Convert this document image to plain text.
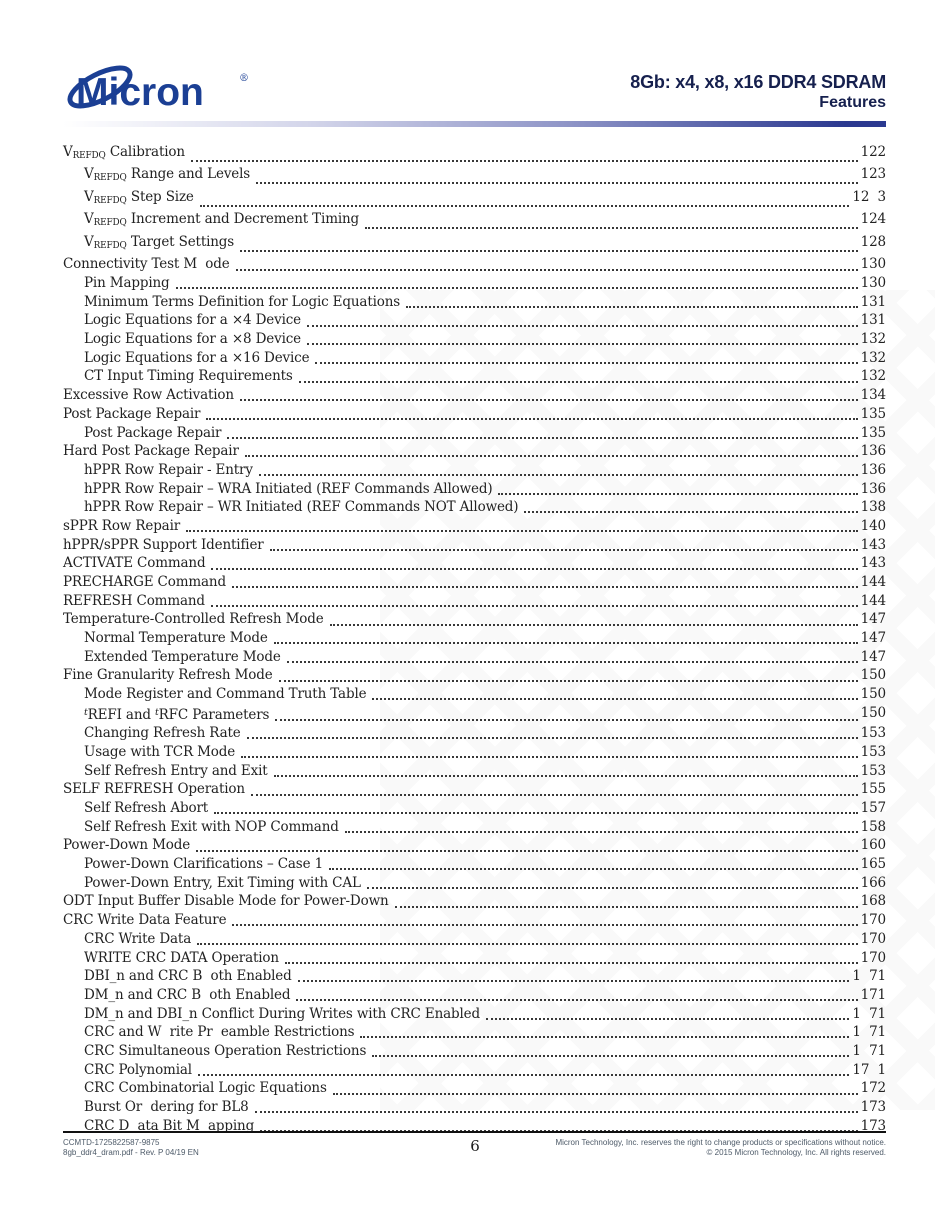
Micron	®	8Gb: x4, x8, x16 DDR4 SDRAM
Features
$V_{REFDQ}$ Calibration	122
$V_{REFDQ}$ Range and Levels	123
$V_{REFDQ}$ Step Size	12  3
$V_{REFDQ}$ Increment and Decrement Timing	124
$V_{REFDQ}$ Target Settings	128
Connectivity Test M  ode	130
Pin Mapping	130
Minimum Terms Definition for Logic Equations	131
Logic Equations for a ×4 Device	131
Logic Equations for a ×8 Device	132
Logic Equations for a ×16 Device	132
CT Input Timing Requirements	132
Excessive Row Activation	134
Post Package Repair	135
Post Package Repair	135
Hard Post Package Repair	136
hPPR Row Repair - Entry	136
hPPR Row Repair – WRA Initiated (REF Commands Allowed)	136
hPPR Row Repair – WR Initiated (REF Commands NOT Allowed)	138
sPPR Row Repair	140
hPPR/sPPR Support Identifier	143
ACTIVATE Command	143
PRECHARGE Command	144
REFRESH Command	144
Temperature-Controlled Refresh Mode	147
Normal Temperature Mode	147
Extended Temperature Mode	147
Fine Granularity Refresh Mode	150
Mode Register and Command Truth Table	150
$^t$REFI and $^t$RFC Parameters	150
Changing Refresh Rate	153
Usage with TCR Mode	153
Self Refresh Entry and Exit	153
SELF REFRESH Operation	155
Self Refresh Abort	157
Self Refresh Exit with NOP Command	158
Power-Down Mode	160
Power-Down Clarifications – Case 1	165
Power-Down Entry, Exit Timing with CAL	166
ODT Input Buffer Disable Mode for Power-Down	168
CRC Write Data Feature	170
CRC Write Data	170
WRITE CRC DATA Operation	170
DBI_n and CRC B  oth Enabled	1  71
DM_n and CRC B  oth Enabled	171
DM_n and DBI_n Conflict During Writes with CRC Enabled	1  71
CRC and W  rite Pr  eamble Restrictions	1  71
CRC Simultaneous Operation Restrictions	1  71
CRC Polynomial	17  1
CRC Combinatorial Logic Equations	172
Burst Or  dering for BL8	173
CRC D  ata Bit M  apping	173
CCMTD-1725822587-9875
8gb_ddr4_dram.pdf - Rev. P 04/19 EN	6	Micron Technology, Inc. reserves the right to change products or specifications without notice.
© 2015 Micron Technology, Inc. All rights reserved.
